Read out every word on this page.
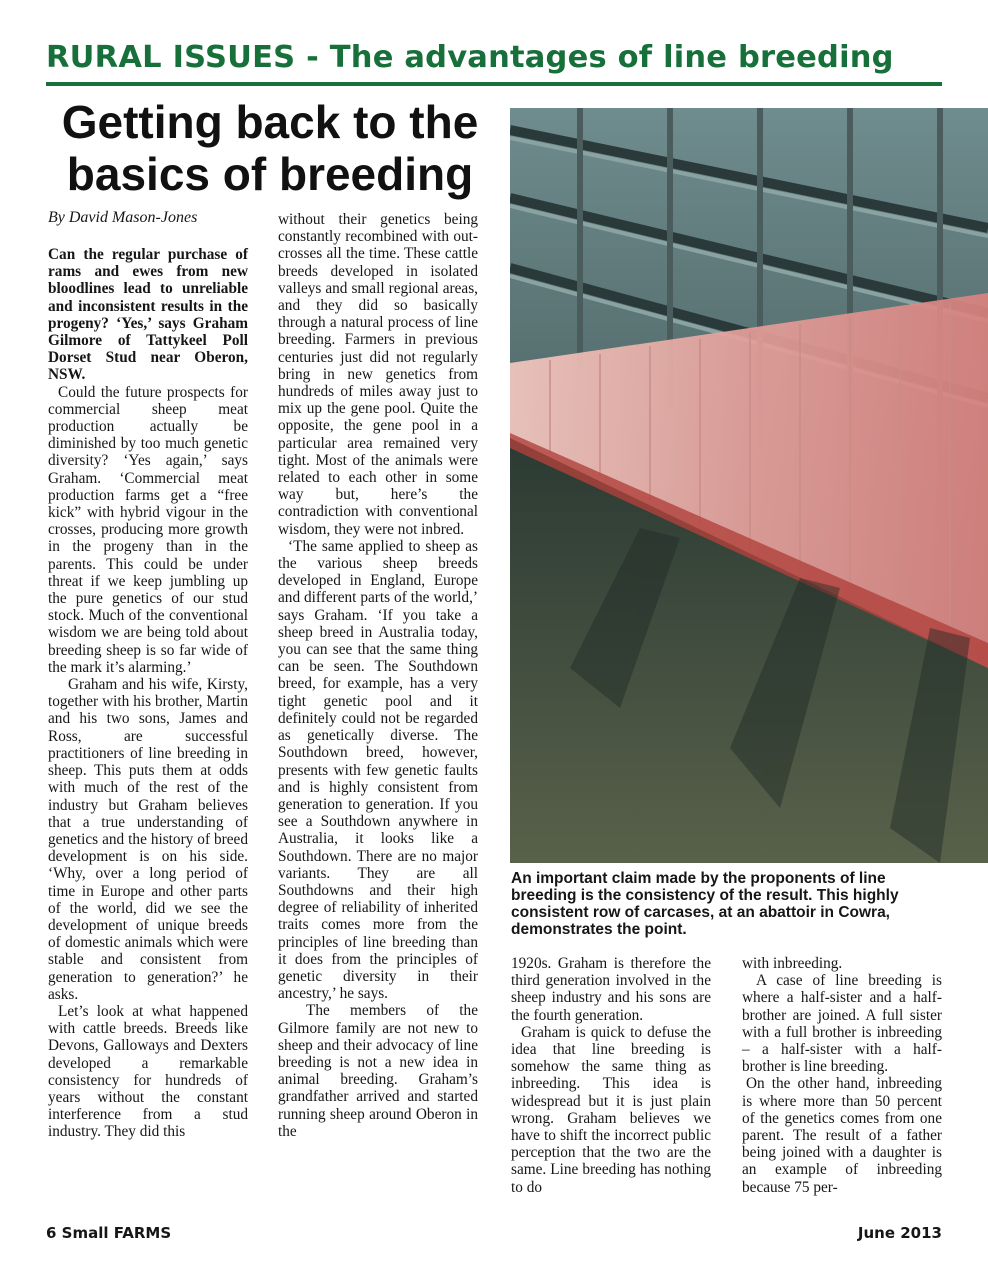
RURAL ISSUES - The advantages of line breeding
Getting back to the
basics of breeding
By David Mason-Jones

Can the regular purchase of rams and ewes from new bloodlines lead to unreliable and inconsistent results in the progeny? ‘Yes,’ says Graham Gilmore of Tattykeel Poll Dorset Stud near Oberon, NSW.

Could the future prospects for commercial sheep meat production actually be diminished by too much genetic diversity? ‘Yes again,’ says Graham. ‘Commercial meat production farms get a “free kick” with hybrid vigour in the crosses, producing more growth in the progeny than in the parents. This could be under threat if we keep jumbling up the pure genetics of our stud stock. Much of the conventional wisdom we are being told about breeding sheep is so far wide of the mark it’s alarming.’

Graham and his wife, Kirsty, together with his brother, Martin and his two sons, James and Ross, are successful practitioners of line breeding in sheep. This puts them at odds with much of the rest of the industry but Graham believes that a true understanding of genetics and the history of breed development is on his side. ‘Why, over a long period of time in Europe and other parts of the world, did we see the development of unique breeds of domestic animals which were stable and consistent from generation to generation?’ he asks.

Let’s look at what happened with cattle breeds. Breeds like Devons, Galloways and Dexters developed a remarkable consistency for hundreds of years without the constant interference from a stud industry. They did this

without their genetics being constantly recombined with out-crosses all the time. These cattle breeds developed in isolated valleys and small regional areas, and they did so basically through a natural process of line breeding. Farmers in previous centuries just did not regularly bring in new genetics from hundreds of miles away just to mix up the gene pool. Quite the opposite, the gene pool in a particular area remained very tight. Most of the animals were related to each other in some way but, here’s the contradiction with conventional wisdom, they were not inbred.

‘The same applied to sheep as the various sheep breeds developed in England, Europe and different parts of the world,’ says Graham. ‘If you take a sheep breed in Australia today, you can see that the same thing can be seen. The Southdown breed, for example, has a very tight genetic pool and it definitely could not be regarded as genetically diverse. The Southdown breed, however, presents with few genetic faults and is highly consistent from generation to generation. If you see a Southdown anywhere in Australia, it looks like a Southdown. There are no major variants. They are all Southdowns and their high degree of reliability of inherited traits comes more from the principles of line breeding than it does from the principles of genetic diversity in their ancestry,’ he says.

The members of the Gilmore family are not new to sheep and their advocacy of line breeding is not a new idea in animal breeding. Graham’s grandfather arrived and started running sheep around Oberon in the

An important claim made by the proponents of line breeding is the consistency of the result. This highly consistent row of carcases, at an abattoir in Cowra, demonstrates the point.

1920s. Graham is therefore the third generation involved in the sheep industry and his sons are the fourth generation.

Graham is quick to defuse the idea that line breeding is somehow the same thing as inbreeding. This idea is widespread but it is just plain wrong. Graham believes we have to shift the incorrect public perception that the two are the same. Line breeding has nothing to do

with inbreeding.

A case of line breeding is where a half-sister and a half-brother are joined. A full sister with a full brother is inbreeding – a half-sister with a half-brother is line breeding.

On the other hand, inbreeding is where more than 50 percent of the genetics comes from one parent. The result of a father being joined with a daughter is an example of inbreeding because 75 per-

6 Small FARMS	June 2013
